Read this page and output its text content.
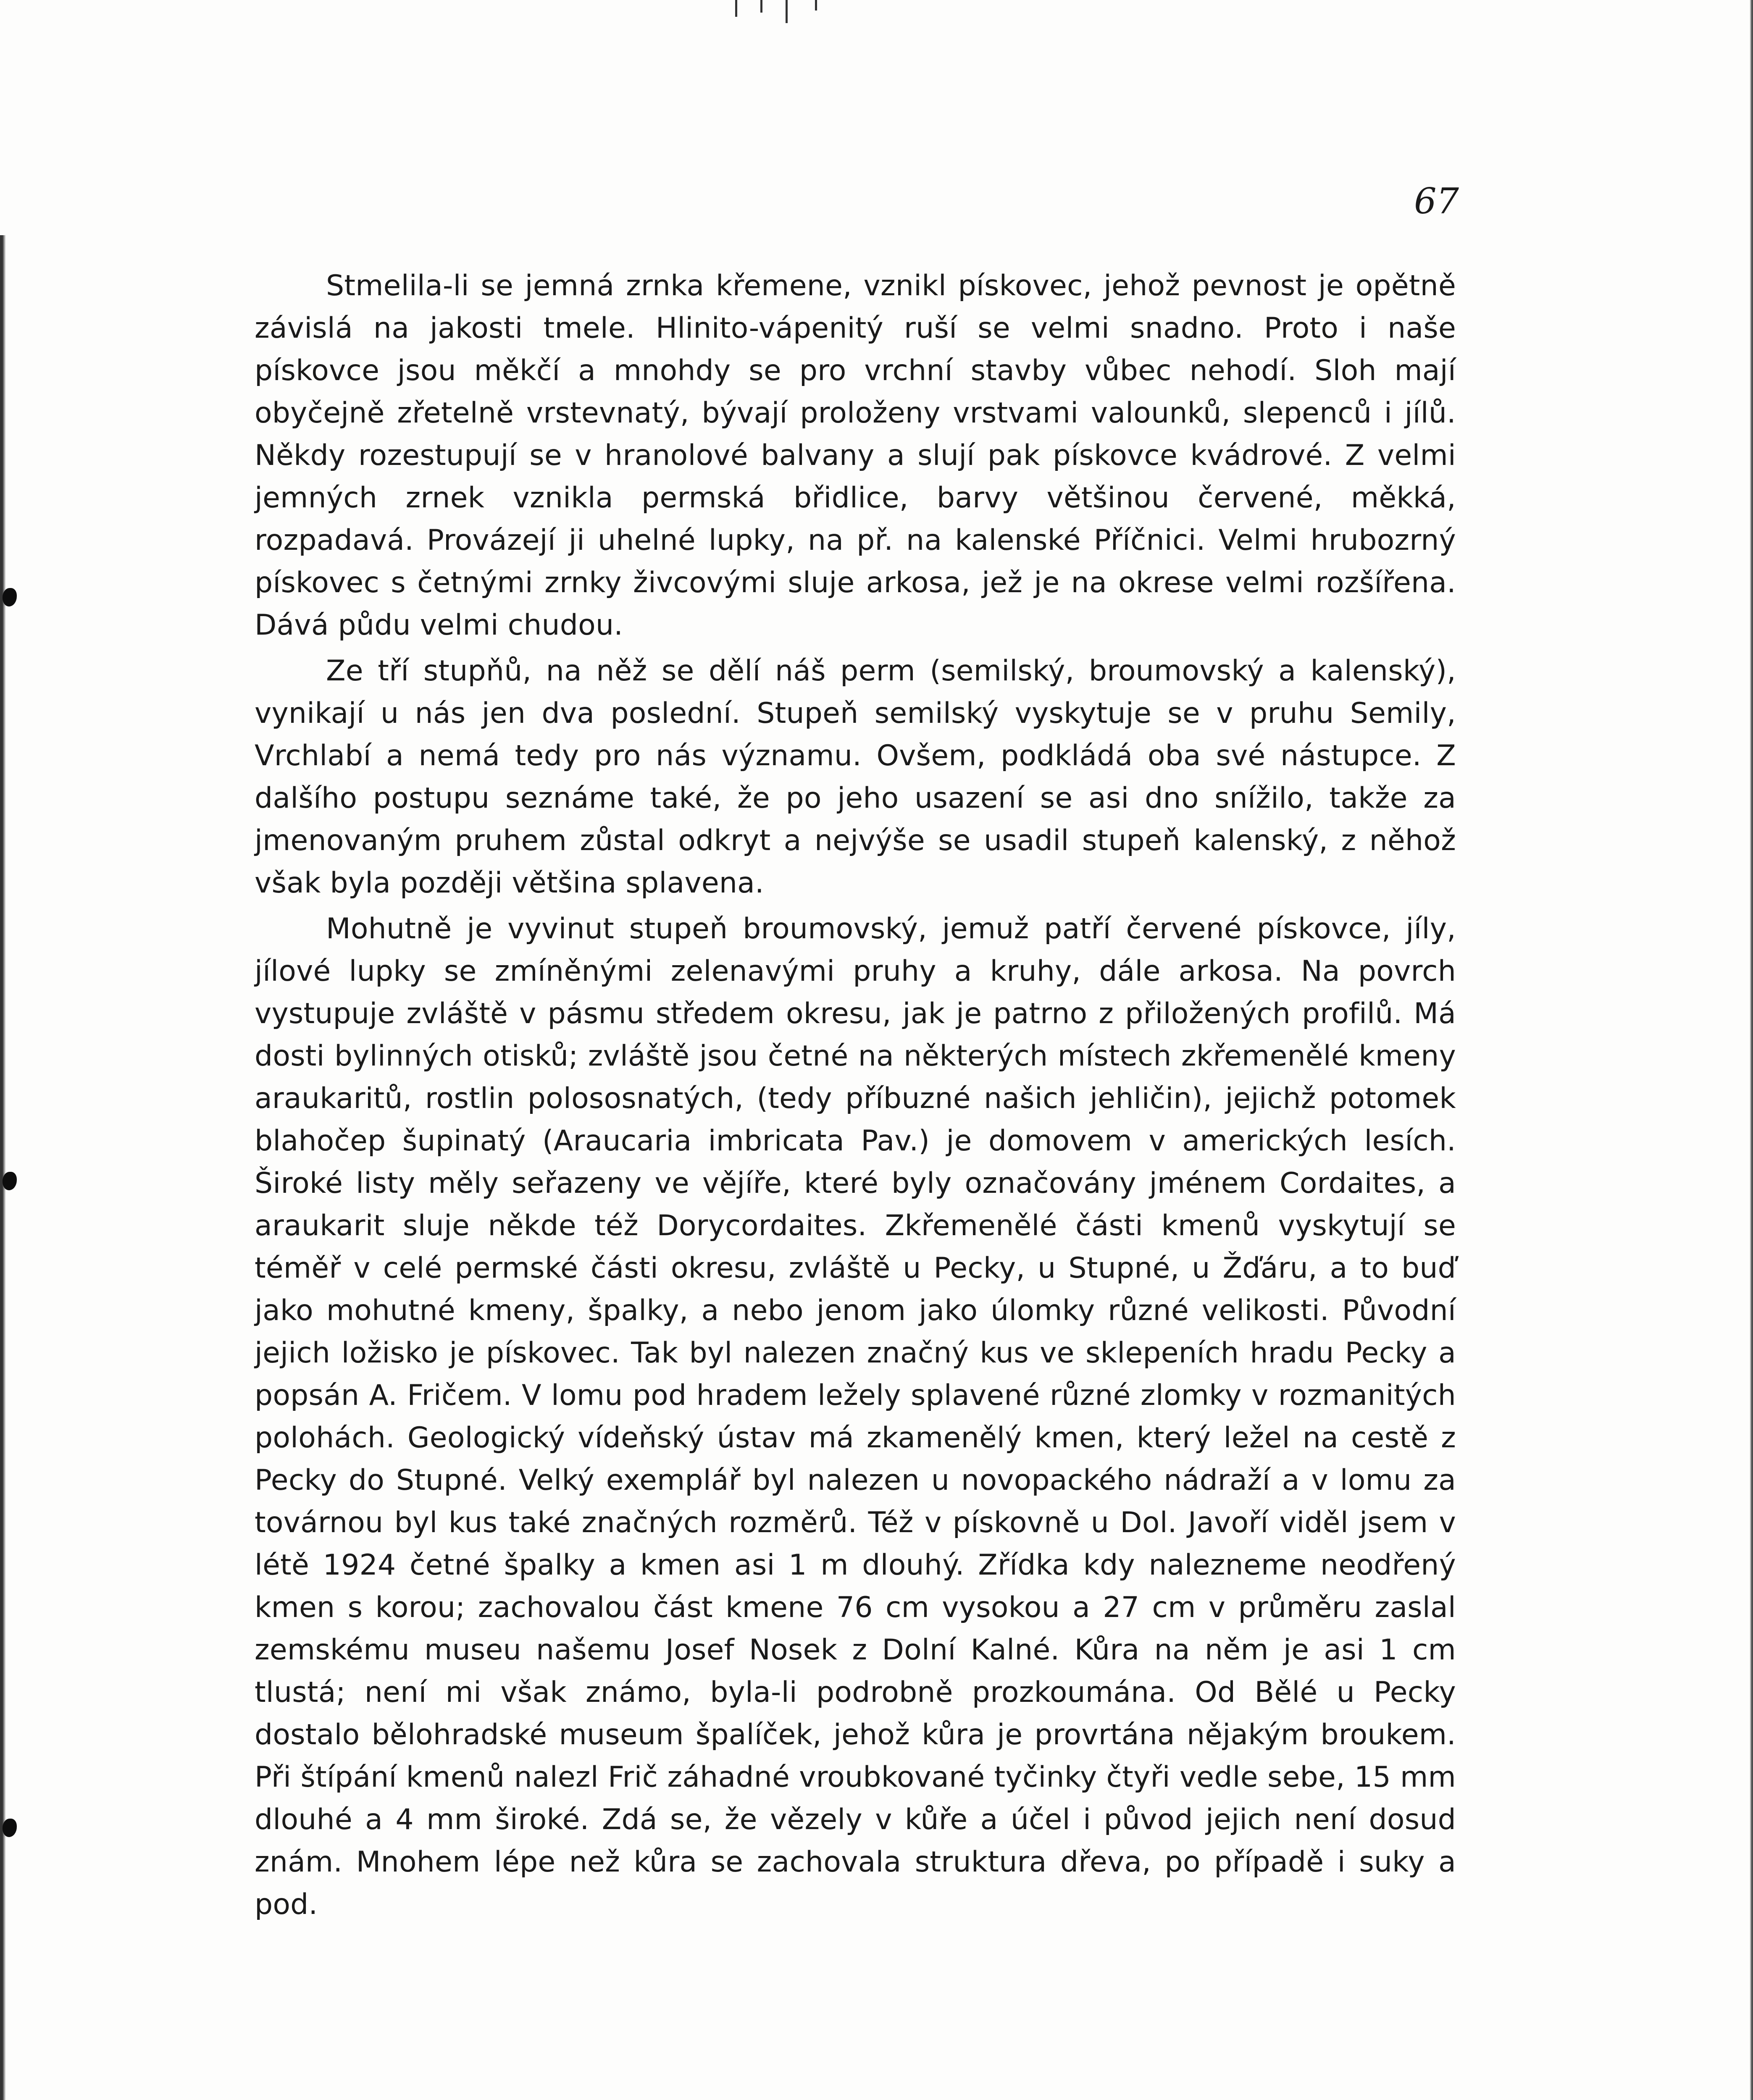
67

Stmelila-li se jemná zrnka křemene, vznikl pískovec, jehož pevnost je opětně závislá na jakosti tmele. Hlinito-vápenitý ruší se velmi snadno. Proto i naše pískovce jsou měkčí a mnohdy se pro vrchní stavby vůbec nehodí. Sloh mají obyčejně zřetelně vrstevnatý, bývají proloženy vrstvami valounků, slepenců i jílů. Někdy rozestupují se v hranolové balvany a slují pak pískovce kvádrové. Z velmi jemných zrnek vznikla permská břidlice, barvy většinou červené, měkká, rozpadavá. Provázejí ji uhelné lupky, na př. na kalenské Příčnici. Velmi hrubozrný pískovec s četnými zrnky živcovými sluje arkosa, jež je na okrese velmi rozšířena. Dává půdu velmi chudou.

Ze tří stupňů, na něž se dělí náš perm (semilský, broumovský a kalenský), vynikají u nás jen dva poslední. Stupeň semilský vyskytuje se v pruhu Semily, Vrchlabí a nemá tedy pro nás významu. Ovšem, podkládá oba své nástupce. Z dalšího postupu seznáme také, že po jeho usazení se asi dno snížilo, takže za jmenovaným pruhem zůstal odkryt a nejvýše se usadil stupeň kalenský, z něhož však byla později většina splavena.

Mohutně je vyvinut stupeň broumovský, jemuž patří červené pískovce, jíly, jílové lupky se zmíněnými zelenavými pruhy a kruhy, dále arkosa. Na povrch vystupuje zvláště v pásmu středem okresu, jak je patrno z přiložených profilů. Má dosti bylinných otisků; zvláště jsou četné na některých místech zkřemenělé kmeny araukaritů, rostlin polososnatých, (tedy příbuzné našich jehličin), jejichž potomek blahočep šupinatý (Araucaria imbricata Pav.) je domovem v amerických lesích. Široké listy měly seřazeny ve vějíře, které byly označovány jménem Cordaites, a araukarit sluje někde též Dorycordaites. Zkřemenělé části kmenů vyskytují se téměř v celé permské části okresu, zvláště u Pecky, u Stupné, u Žďáru, a to buď jako mohutné kmeny, špalky, a nebo jenom jako úlomky různé velikosti. Původní jejich ložisko je pískovec. Tak byl nalezen značný kus ve sklepeních hradu Pecky a popsán A. Fričem. V lomu pod hradem ležely splavené různé zlomky v rozmanitých polohách. Geologický vídeňský ústav má zkamenělý kmen, který ležel na cestě z Pecky do Stupné. Velký exemplář byl nalezen u novopackého nádraží a v lomu za továrnou byl kus také značných rozměrů. Též v pískovně u Dol. Javoří viděl jsem v létě 1924 četné špalky a kmen asi 1 m dlouhý. Zřídka kdy nalezneme neodřený kmen s korou; zachovalou část kmene 76 cm vysokou a 27 cm v průměru zaslal zemskému museu našemu Josef Nosek z Dolní Kalné. Kůra na něm je asi 1 cm tlustá; není mi však známo, byla-li podrobně prozkoumána. Od Bělé u Pecky dostalo bělohradské museum špalíček, jehož kůra je provrtána nějakým broukem. Při štípání kmenů nalezl Frič záhadné vroubkované tyčinky čtyři vedle sebe, 15 mm dlouhé a 4 mm široké. Zdá se, že vězely v kůře a účel i původ jejich není dosud znám. Mnohem lépe než kůra se zachovala struktura dřeva, po případě i suky a pod.
